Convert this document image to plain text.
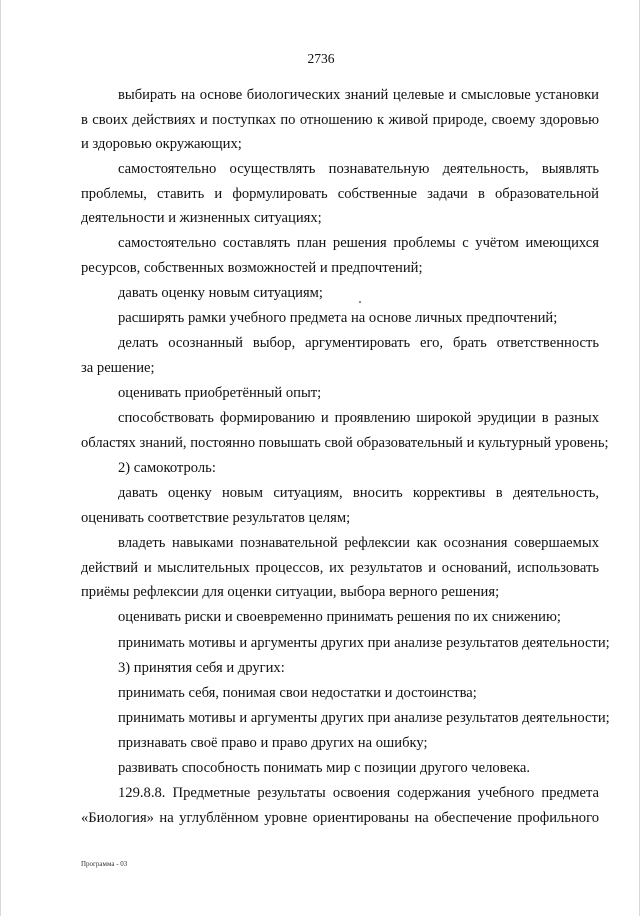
2736
выбирать на основе биологических знаний целевые и смысловые установки
в своих действиях и поступках по отношению к живой природе, своему здоровью
и здоровью окружающих;
самостоятельно осуществлять познавательную деятельность, выявлять
проблемы, ставить и формулировать собственные задачи в образовательной
деятельности и жизненных ситуациях;
самостоятельно составлять план решения проблемы с учётом имеющихся
ресурсов, собственных возможностей и предпочтений;
давать оценку новым ситуациям;
расширять рамки учебного предмета на основе личных предпочтений;
делать осознанный выбор, аргументировать его, брать ответственность
за решение;
оценивать приобретённый опыт;
способствовать формированию и проявлению широкой эрудиции в разных
областях знаний, постоянно повышать свой образовательный и культурный уровень;
2) самокотроль:
давать оценку новым ситуациям, вносить коррективы в деятельность,
оценивать соответствие результатов целям;
владеть навыками познавательной рефлексии как осознания совершаемых
действий и мыслительных процессов, их результатов и оснований, использовать
приёмы рефлексии для оценки ситуации, выбора верного решения;
оценивать риски и своевременно принимать решения по их снижению;
принимать мотивы и аргументы других при анализе результатов деятельности;
3) принятия себя и других:
принимать себя, понимая свои недостатки и достоинства;
принимать мотивы и аргументы других при анализе результатов деятельности;
признавать своё право и право других на ошибку;
развивать способность понимать мир с позиции другого человека.
129.8.8. Предметные результаты освоения содержания учебного предмета
«Биология» на углублённом уровне ориентированы на обеспечение профильного
Программа - 03
